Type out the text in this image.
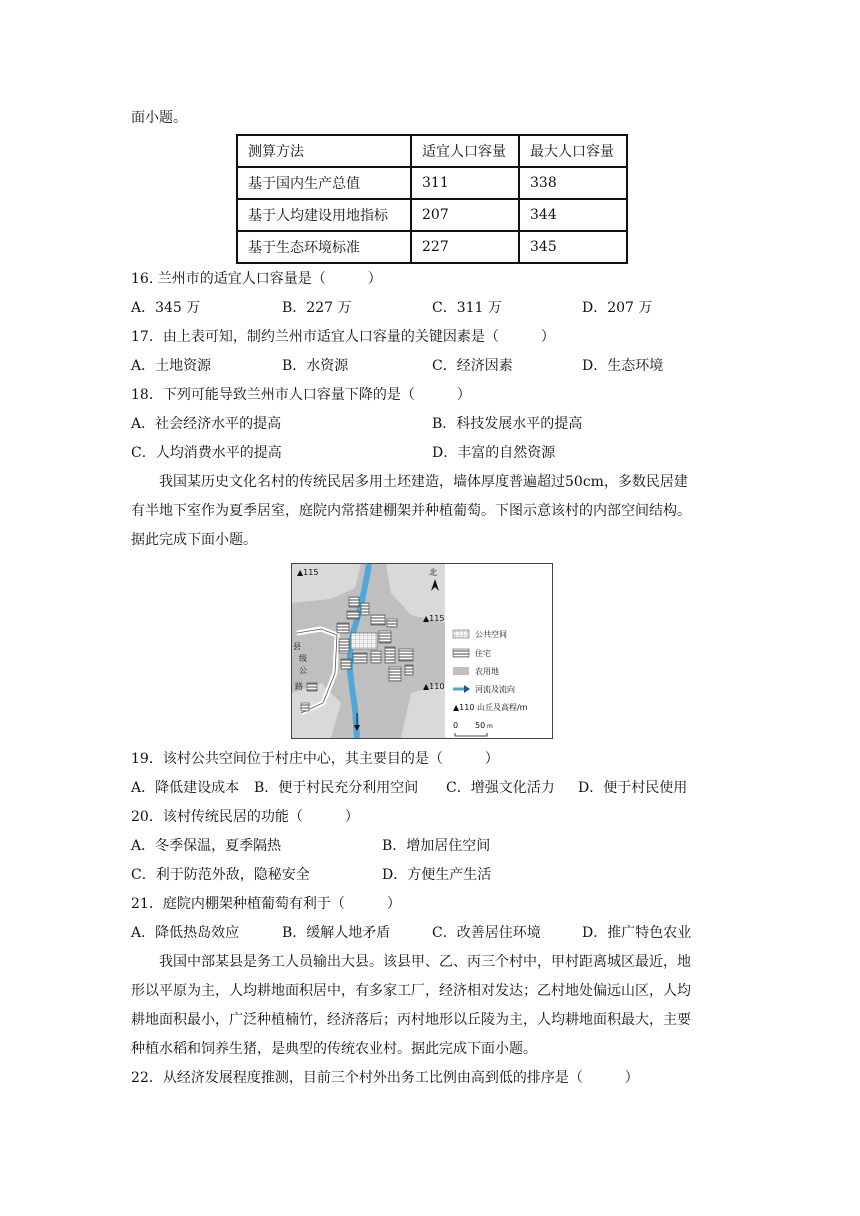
面小题。
测算方法	适宜人口容量	最大人口容量
基于国内生产总值	311	338
基于人均建设用地指标	207	344
基于生态环境标准	227	345
16. 兰州市的适宜人口容量是（　　　）
A．345 万	B．227 万	C．311 万	D．207 万
17．由上表可知，制约兰州市适宜人口容量的关键因素是（　　　）
A．土地资源	B．水资源	C．经济因素	D．生态环境
18．下列可能导致兰州市人口容量下降的是（　　　）
A．社会经济水平的提高	B．科技发展水平的提高
C．人均消费水平的提高	D．丰富的自然资源
我国某历史文化名村的传统民居多用土坯建造，墙体厚度普遍超过50cm，多数民居建
有半地下室作为夏季居室，庭院内常搭建棚架并种植葡萄。下图示意该村的内部空间结构。
据此完成下面小题。
▲115
▲115
▲110
县
级
公
路
北
公共空间
住宅
农用地
河流及流向
▲110 山丘及高程/m
0 50 m
19．该村公共空间位于村庄中心，其主要目的是（　　　）
A．降低建设成本 B．便于村民充分利用空间 C．增强文化活力 D．便于村民使用
20．该村传统民居的功能（　　　）
A．冬季保温，夏季隔热	B．增加居住空间
C．利于防范外敌，隐秘安全	D．方便生产生活
21．庭院内棚架种植葡萄有利于（　　　）
A．降低热岛效应	B．缓解人地矛盾	C．改善居住环境	D．推广特色农业
我国中部某县是务工人员输出大县。该县甲、乙、丙三个村中，甲村距离城区最近，地
形以平原为主，人均耕地面积居中，有多家工厂，经济相对发达；乙村地处偏远山区，人均
耕地面积最小，广泛种植楠竹，经济落后；丙村地形以丘陵为主，人均耕地面积最大，主要
种植水稻和饲养生猪，是典型的传统农业村。据此完成下面小题。
22．从经济发展程度推测，目前三个村外出务工比例由高到低的排序是（　　　）
